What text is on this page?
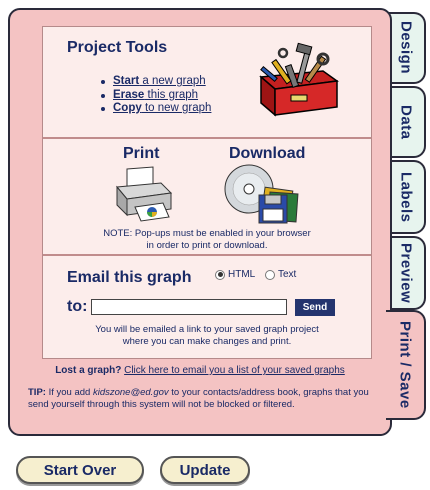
Design
Data
Labels
Preview
Print / Save
Project Tools
Start a new graph
Erase this graph
Copy to new graph
Print	Download
NOTE: Pop-ups must be enabled in your browser
in order to print or download.
Email this graph	HTML Text
to:	Send
You will be emailed a link to your saved graph project
where you can make changes and print.
Lost a graph? Click here to email you a list of your saved graphs
TIP: If you add kidszone@ed.gov to your contacts/address book, graphs that you send yourself through this system will not be blocked or filtered.
Start Over	Update
